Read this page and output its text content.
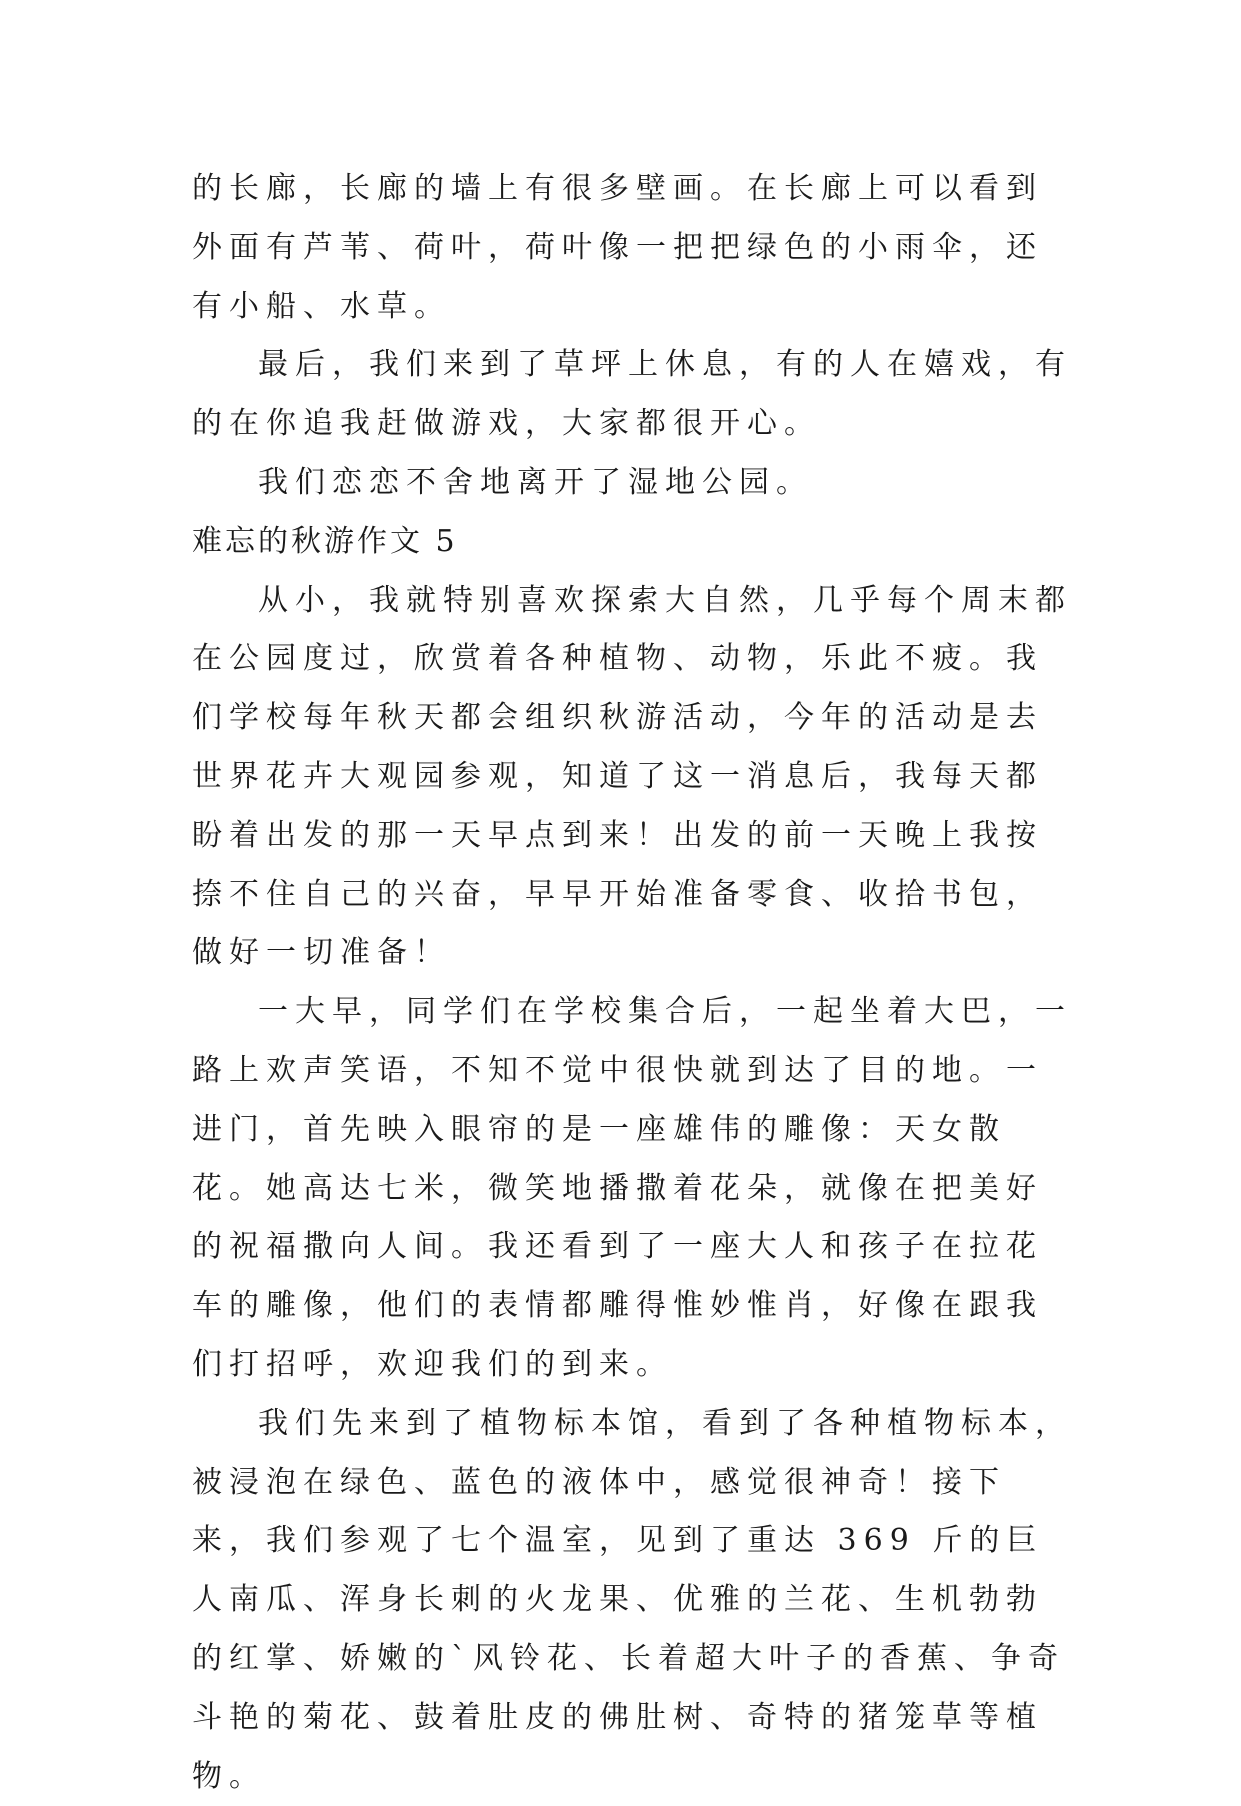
的长廊，长廊的墙上有很多壁画。在长廊上可以看到外面有芦苇、荷叶，荷叶像一把把绿色的小雨伞，还有小船、水草。

最后，我们来到了草坪上休息，有的人在嬉戏，有的在你追我赶做游戏，大家都很开心。

我们恋恋不舍地离开了湿地公园。

难忘的秋游作文 5

从小，我就特别喜欢探索大自然，几乎每个周末都在公园度过，欣赏着各种植物、动物，乐此不疲。我们学校每年秋天都会组织秋游活动，今年的活动是去世界花卉大观园参观，知道了这一消息后，我每天都盼着出发的那一天早点到来！出发的前一天晚上我按捺不住自己的兴奋，早早开始准备零食、收拾书包，做好一切准备！

一大早，同学们在学校集合后，一起坐着大巴，一路上欢声笑语，不知不觉中很快就到达了目的地。一进门，首先映入眼帘的是一座雄伟的雕像：天女散花。她高达七米，微笑地播撒着花朵，就像在把美好的祝福撒向人间。我还看到了一座大人和孩子在拉花车的雕像，他们的表情都雕得惟妙惟肖，好像在跟我们打招呼，欢迎我们的到来。

我们先来到了植物标本馆，看到了各种植物标本，被浸泡在绿色、蓝色的液体中，感觉很神奇！接下来，我们参观了七个温室，见到了重达 369 斤的巨人南瓜、浑身长刺的火龙果、优雅的兰花、生机勃勃的红掌、娇嫩的`风铃花、长着超大叶子的香蕉、争奇斗艳的菊花、鼓着肚皮的佛肚树、奇特的猪笼草等植物。
